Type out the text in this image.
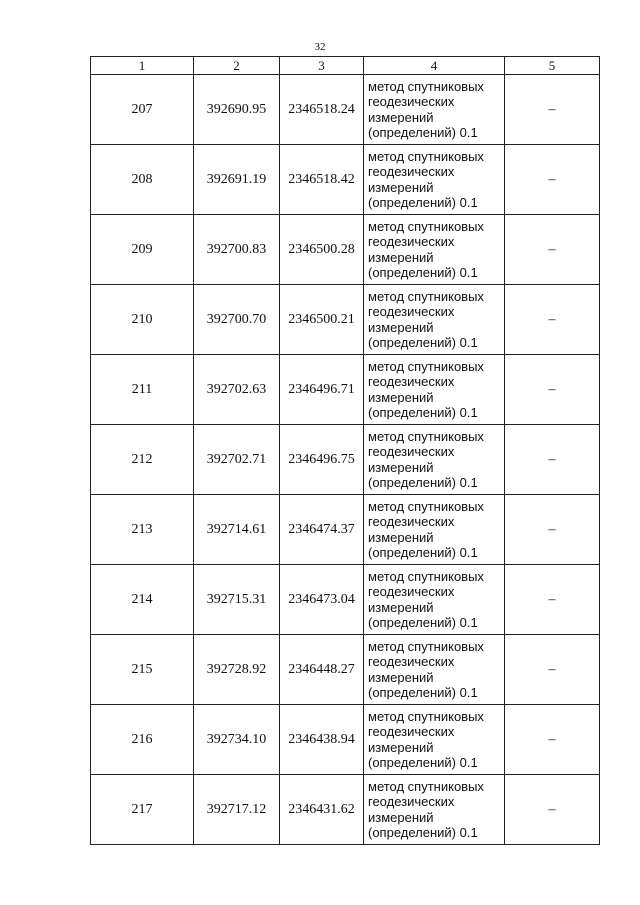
32
1	2	3	4	5
207	392690.95	2346518.24	метод спутниковых
геодезических
измерений
(определений) 0.1	–
208	392691.19	2346518.42	метод спутниковых
геодезических
измерений
(определений) 0.1	–
209	392700.83	2346500.28	метод спутниковых
геодезических
измерений
(определений) 0.1	–
210	392700.70	2346500.21	метод спутниковых
геодезических
измерений
(определений) 0.1	–
211	392702.63	2346496.71	метод спутниковых
геодезических
измерений
(определений) 0.1	–
212	392702.71	2346496.75	метод спутниковых
геодезических
измерений
(определений) 0.1	–
213	392714.61	2346474.37	метод спутниковых
геодезических
измерений
(определений) 0.1	–
214	392715.31	2346473.04	метод спутниковых
геодезических
измерений
(определений) 0.1	–
215	392728.92	2346448.27	метод спутниковых
геодезических
измерений
(определений) 0.1	–
216	392734.10	2346438.94	метод спутниковых
геодезических
измерений
(определений) 0.1	–
217	392717.12	2346431.62	метод спутниковых
геодезических
измерений
(определений) 0.1	–
